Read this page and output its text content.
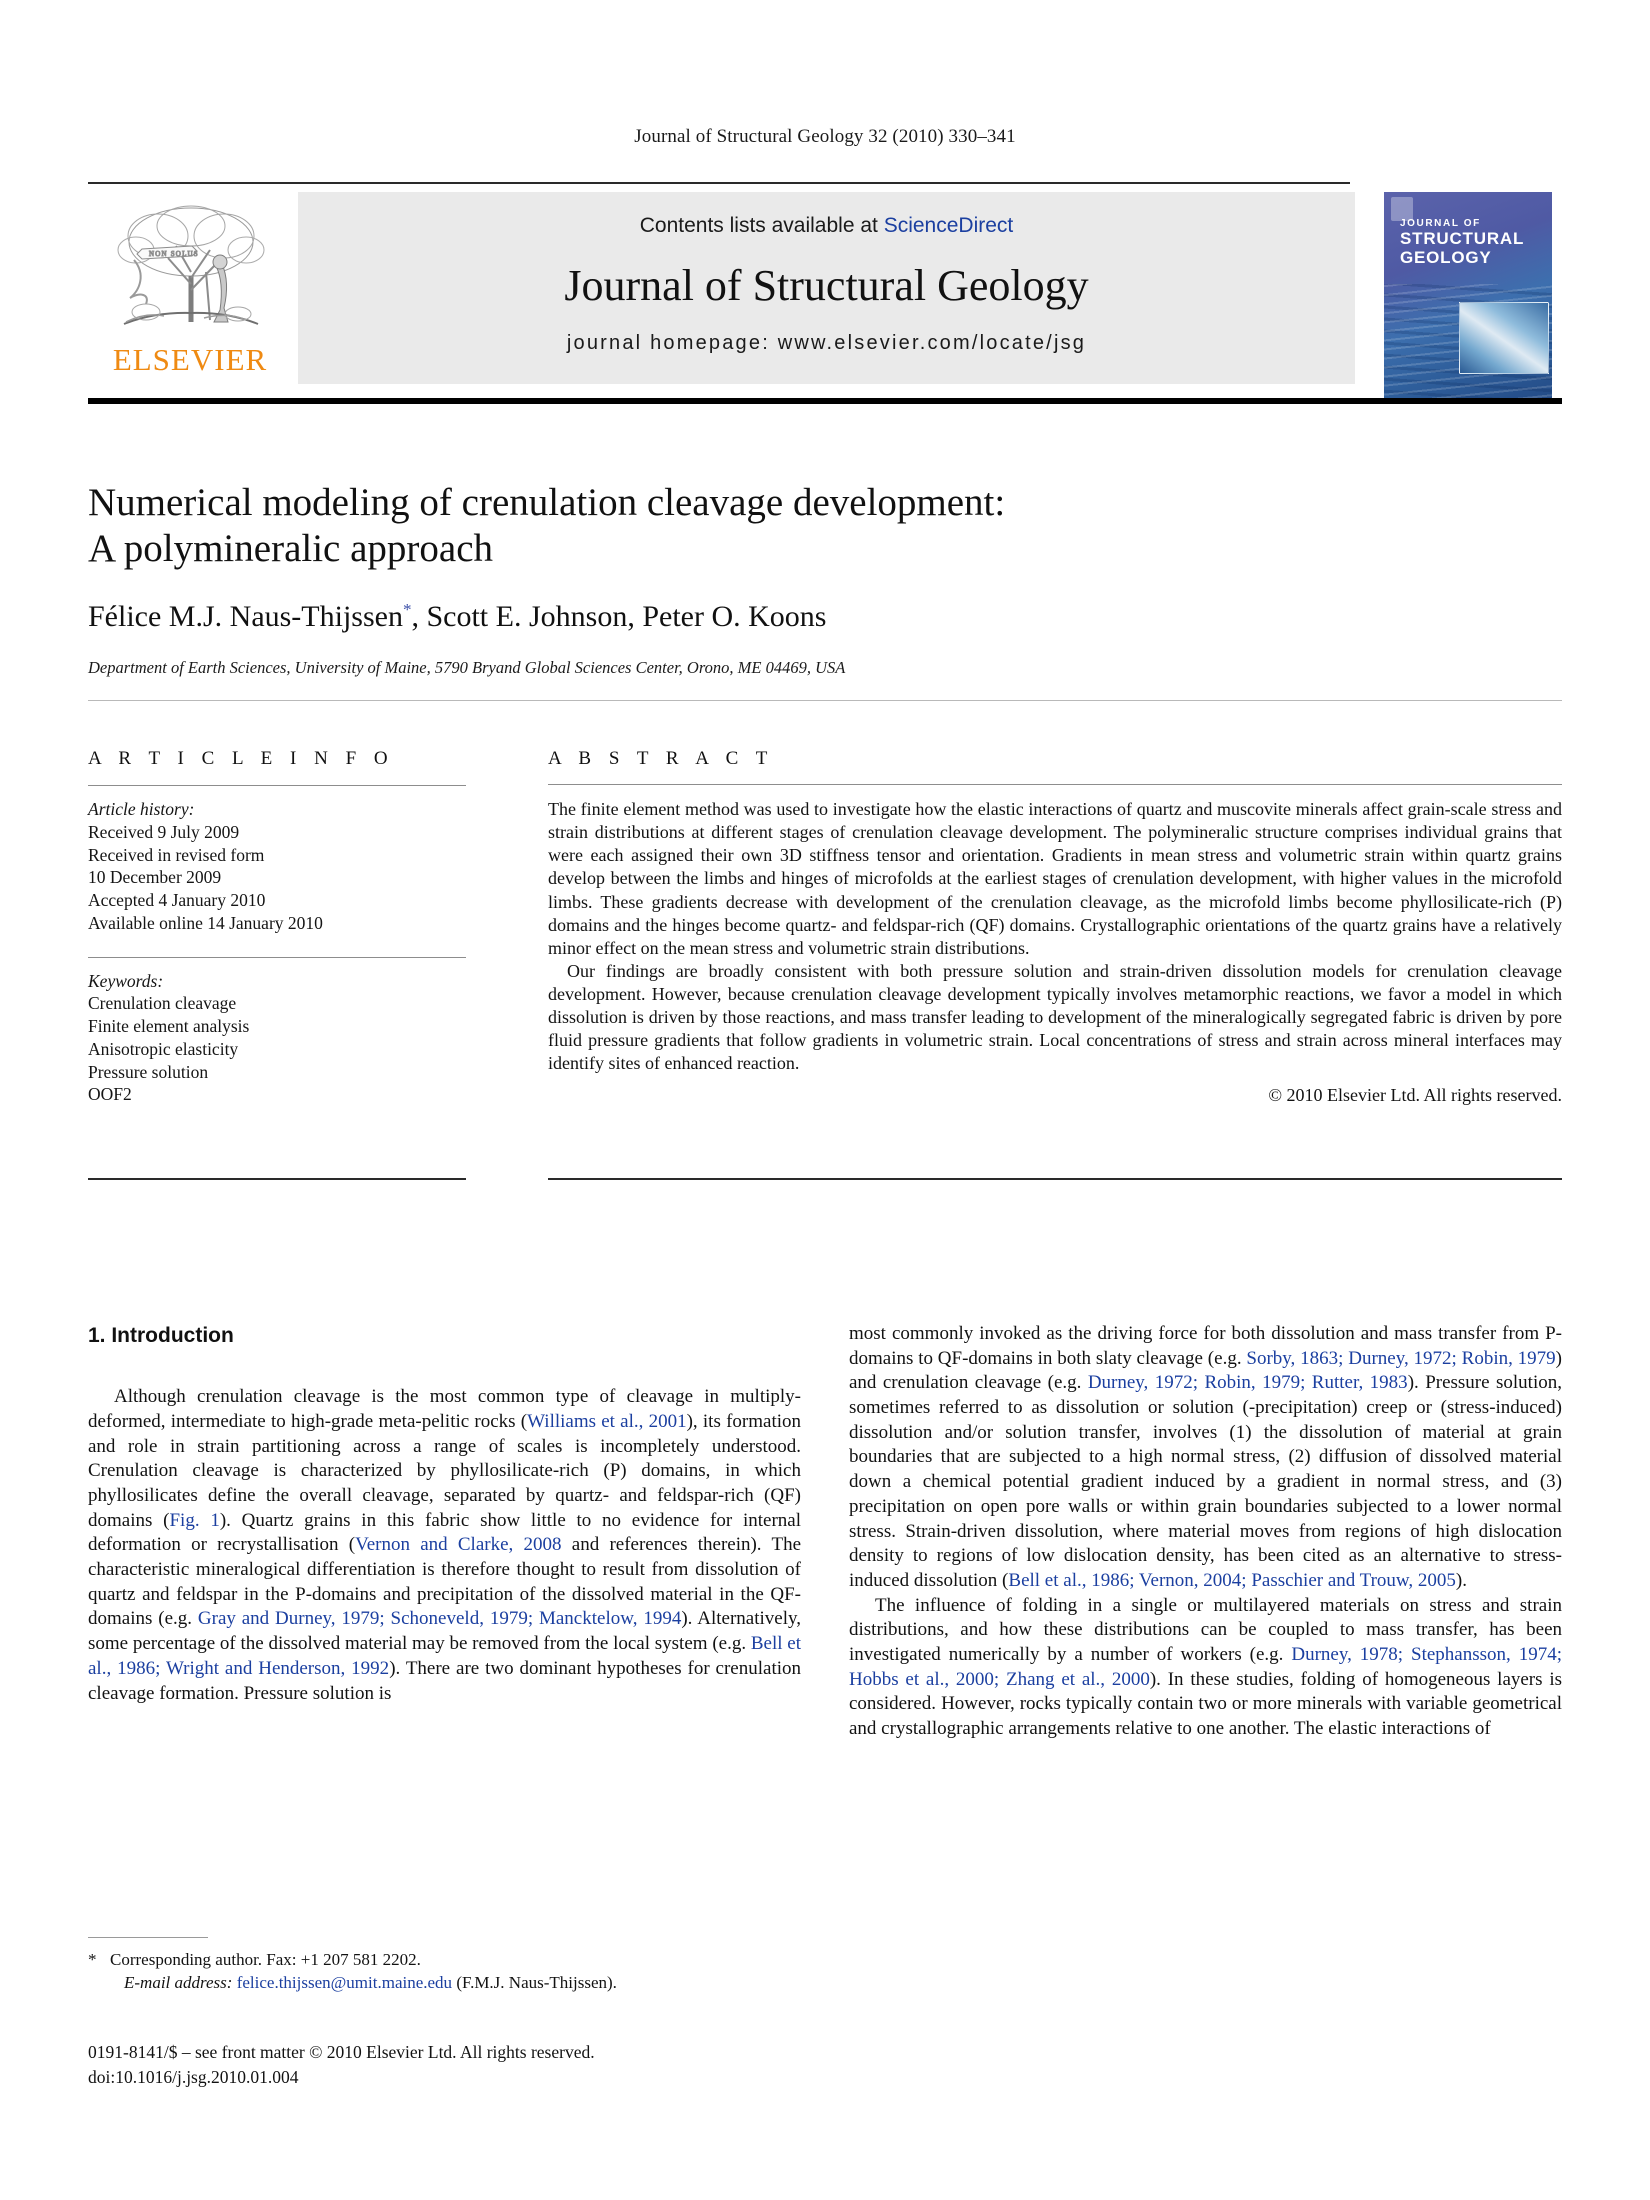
Journal of Structural Geology 32 (2010) 330–341
NON SOLUS
ELSEVIER
Contents lists available at ScienceDirect
Journal of Structural Geology
journal homepage: www.elsevier.com/locate/jsg
JOURNAL OF
STRUCTURAL
GEOLOGY
Numerical modeling of crenulation cleavage development:
A polymineralic approach
Félice M.J. Naus-Thijssen*, Scott E. Johnson, Peter O. Koons
Department of Earth Sciences, University of Maine, 5790 Bryand Global Sciences Center, Orono, ME 04469, USA
A R T I C L E I N F O
Article history:
Received 9 July 2009
Received in revised form
10 December 2009
Accepted 4 January 2010
Available online 14 January 2010
Keywords:
Crenulation cleavage
Finite element analysis
Anisotropic elasticity
Pressure solution
OOF2
A B S T R A C T

The finite element method was used to investigate how the elastic interactions of quartz and muscovite minerals affect grain-scale stress and strain distributions at different stages of crenulation cleavage development. The polymineralic structure comprises individual grains that were each assigned their own 3D stiffness tensor and orientation. Gradients in mean stress and volumetric strain within quartz grains develop between the limbs and hinges of microfolds at the earliest stages of crenulation development, with higher values in the microfold limbs. These gradients decrease with development of the crenulation cleavage, as the microfold limbs become phyllosilicate-rich (P) domains and the hinges become quartz- and feldspar-rich (QF) domains. Crystallographic orientations of the quartz grains have a relatively minor effect on the mean stress and volumetric strain distributions.

Our findings are broadly consistent with both pressure solution and strain-driven dissolution models for crenulation cleavage development. However, because crenulation cleavage development typically involves metamorphic reactions, we favor a model in which dissolution is driven by those reactions, and mass transfer leading to development of the mineralogically segregated fabric is driven by pore fluid pressure gradients that follow gradients in volumetric strain. Local concentrations of stress and strain across mineral interfaces may identify sites of enhanced reaction.

© 2010 Elsevier Ltd. All rights reserved.
1. Introduction

Although crenulation cleavage is the most common type of cleavage in multiply-deformed, intermediate to high-grade meta-pelitic rocks (Williams et al., 2001), its formation and role in strain partitioning across a range of scales is incompletely understood. Crenulation cleavage is characterized by phyllosilicate-rich (P) domains, in which phyllosilicates define the overall cleavage, separated by quartz- and feldspar-rich (QF) domains (Fig. 1). Quartz grains in this fabric show little to no evidence for internal deformation or recrystallisation (Vernon and Clarke, 2008 and references therein). The characteristic mineralogical differentiation is therefore thought to result from dissolution of quartz and feldspar in the P-domains and precipitation of the dissolved material in the QF-domains (e.g. Gray and Durney, 1979; Schoneveld, 1979; Mancktelow, 1994). Alternatively, some percentage of the dissolved material may be removed from the local system (e.g. Bell et al., 1986; Wright and Henderson, 1992). There are two dominant hypotheses for crenulation cleavage formation. Pressure solution is

most commonly invoked as the driving force for both dissolution and mass transfer from P-domains to QF-domains in both slaty cleavage (e.g. Sorby, 1863; Durney, 1972; Robin, 1979) and crenulation cleavage (e.g. Durney, 1972; Robin, 1979; Rutter, 1983). Pressure solution, sometimes referred to as dissolution or solution (-precipitation) creep or (stress-induced) dissolution and/or solution transfer, involves (1) the dissolution of material at grain boundaries that are subjected to a high normal stress, (2) diffusion of dissolved material down a chemical potential gradient induced by a gradient in normal stress, and (3) precipitation on open pore walls or within grain boundaries subjected to a lower normal stress. Strain-driven dissolution, where material moves from regions of high dislocation density to regions of low dislocation density, has been cited as an alternative to stress-induced dissolution (Bell et al., 1986; Vernon, 2004; Passchier and Trouw, 2005).

The influence of folding in a single or multilayered materials on stress and strain distributions, and how these distributions can be coupled to mass transfer, has been investigated numerically by a number of workers (e.g. Durney, 1978; Stephansson, 1974; Hobbs et al., 2000; Zhang et al., 2000). In these studies, folding of homogeneous layers is considered. However, rocks typically contain two or more minerals with variable geometrical and crystallographic arrangements relative to one another. The elastic interactions of

* Corresponding author. Fax: +1 207 581 2202.
E-mail address: felice.thijssen@umit.maine.edu (F.M.J. Naus-Thijssen).
0191-8141/$ – see front matter © 2010 Elsevier Ltd. All rights reserved.
doi:10.1016/j.jsg.2010.01.004
